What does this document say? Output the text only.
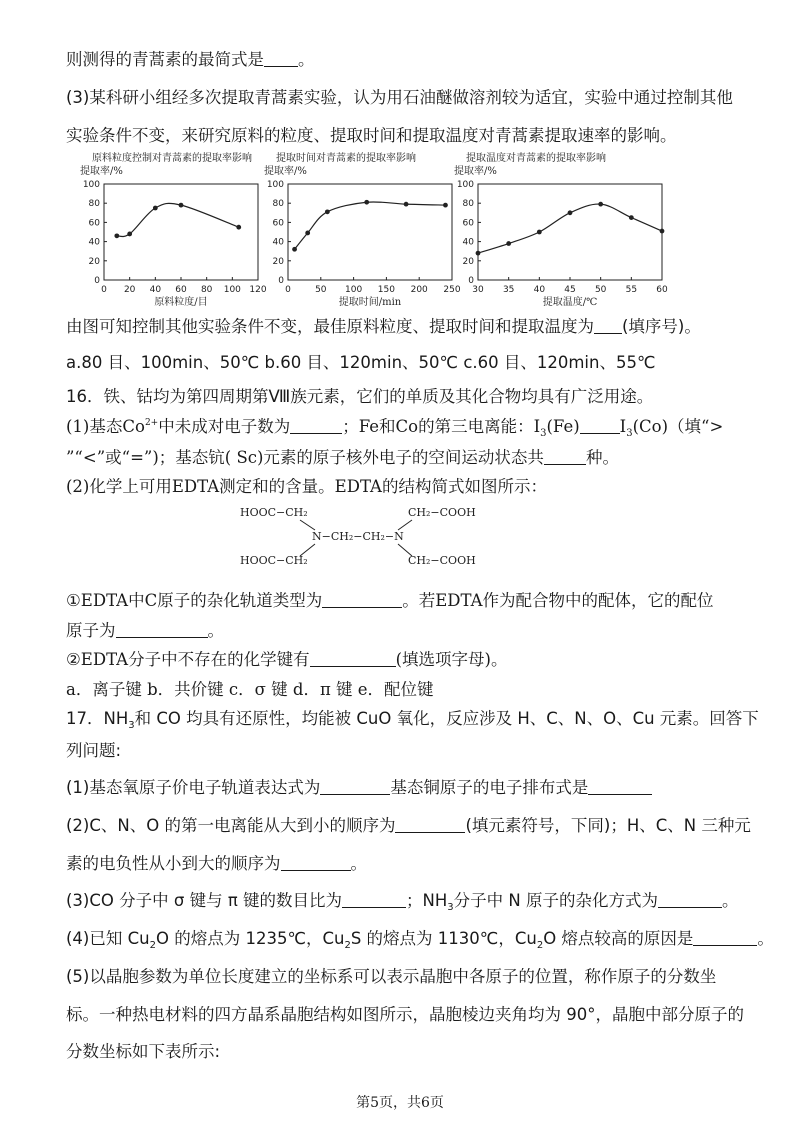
则测得的青蒿素的最简式是 。
(3)某科研小组经多次提取青蒿素实验，认为用石油醚做溶剂较为适宜，实验中通过控制其他
实验条件不变，来研究原料的粒度、提取时间和提取温度对青蒿素提取速率的影响。
原料粒度控制对青蒿素的提取率影响
提取率/%
0
20
40
60
80
100
0 20 40 60 80 100 120
原料粒度/目
提取时间对青蒿素的提取率影响
提取率/%
0
20
40
60
80
100
0	50 100 150 200 250
提取时间/min
提取温度对青蒿素的提取率影响
提取率/%
0
20
40
60
80
100
30 35 40 45 50 55 60
提取温度/℃
由图可知控制其他实验条件不变，最佳原料粒度、提取时间和提取温度为 (填序号)。
a.80 目、100min、50℃ b.60 目、120min、50℃ c.60 目、120min、55℃
16．铁、钴均为第四周期第Ⅷ族元素，它们的单质及其化合物均具有广泛用途。
(1)基态$Co^{2+}$中未成对电子数为	；Fe和Co的第三电离能：$I_3(Fe)$ $I_3(Co)$（填“>
”“<”或“=”)；基态钪( Sc)元素的原子核外电子的空间运动状态共	种。
(2)化学上可用EDTA测定和的含量。EDTA的结构简式如图所示：
HOOC−CH₂
HOOC−CH₂
N−CH₂−CH₂−N
CH₂−COOH
CH₂−COOH
①EDTA中C原子的杂化轨道类型为	。若EDTA作为配合物中的配体，它的配位
原子为	。
②EDTA分子中不存在的化学键有	(填选项字母)。
a．离子键 b．共价键 c．σ 键 d．π 键 e．配位键
17．$NH_3$和 CO 均具有还原性，均能被 CuO 氧化，反应涉及 H、C、N、O、Cu 元素。回答下
列问题:
(1)基态氧原子价电子轨道表达式为	基态铜原子的电子排布式是
(2)C、N、O 的第一电离能从大到小的顺序为	(填元素符号，下同)；H、C、N 三种元
素的电负性从小到大的顺序为	。
(3)CO 分子中 σ 键与 π 键的数目比为	；$NH_3$分子中 N 原子的杂化方式为	。
(4)已知 $Cu_2O$ 的熔点为 1235℃，$Cu_2S$ 的熔点为 1130℃，$Cu_2O$ 熔点较高的原因是	。
(5)以晶胞参数为单位长度建立的坐标系可以表示晶胞中各原子的位置，称作原子的分数坐
标。一种热电材料的四方晶系晶胞结构如图所示，晶胞棱边夹角均为 90°，晶胞中部分原子的
分数坐标如下表所示:
第5页，共6页
